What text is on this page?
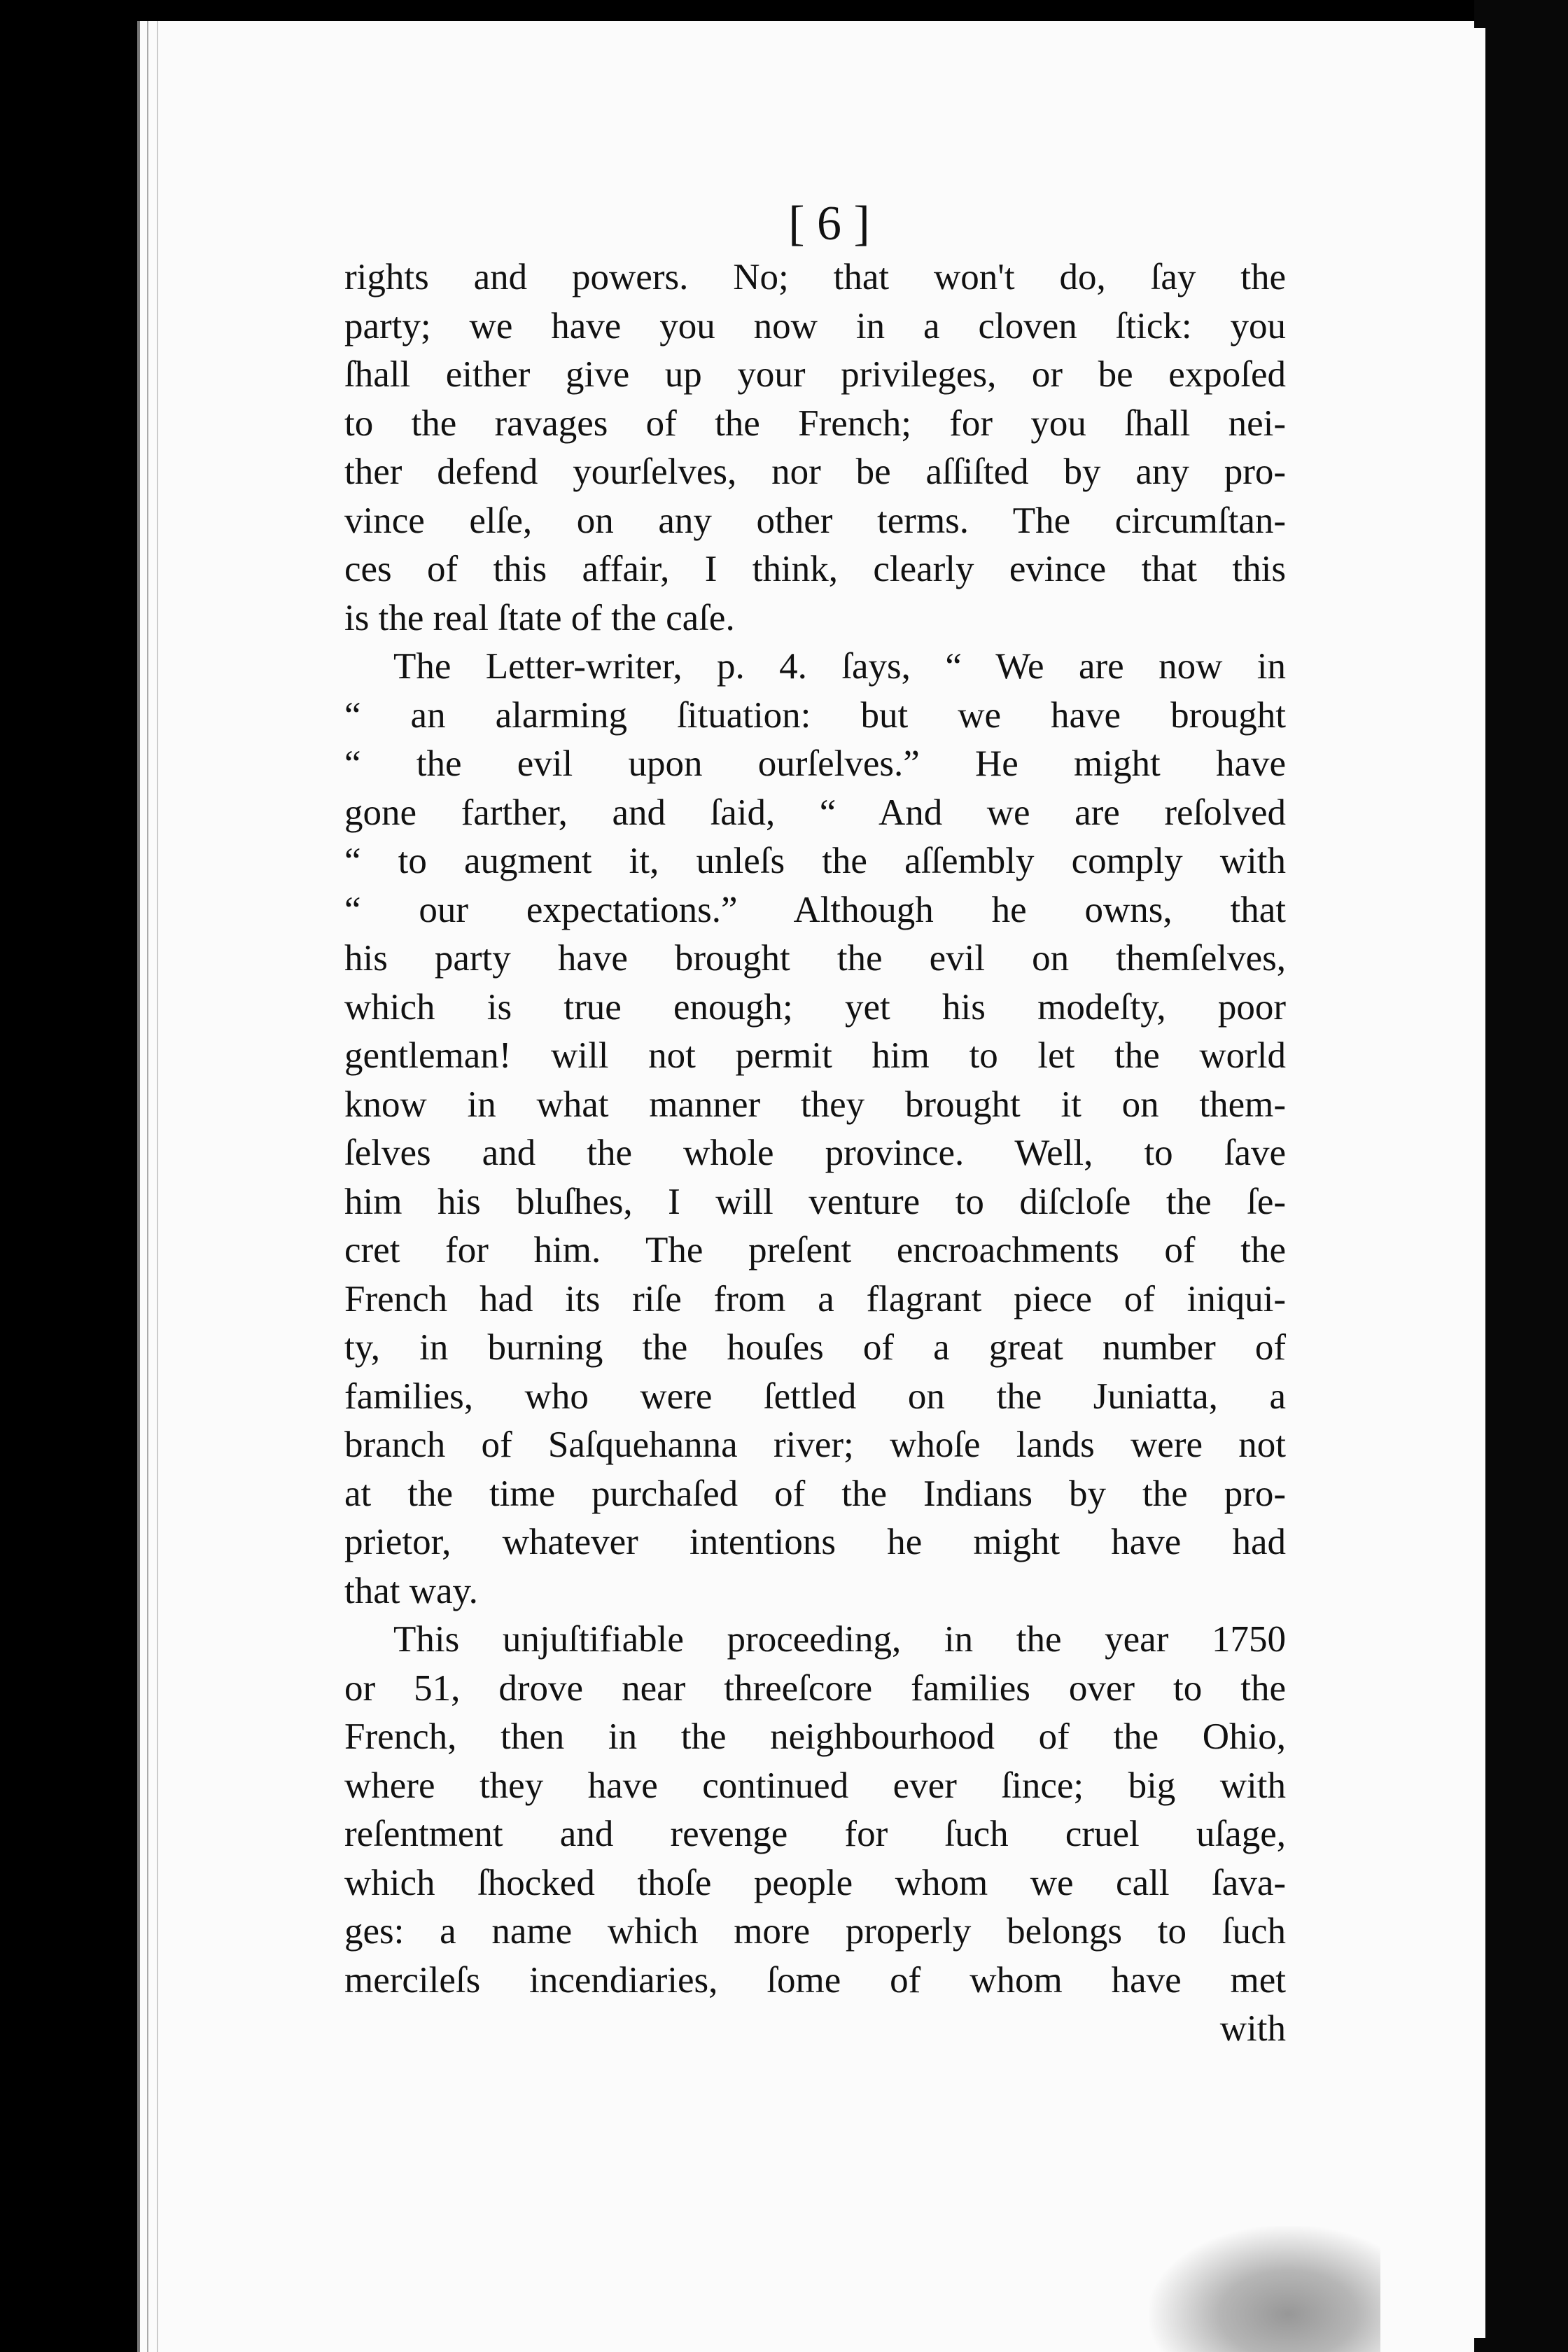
[ 6 ]
rights and powers. No; that won't do, ſay the
party; we have you now in a cloven ſtick: you
ſhall either give up your privileges, or be expoſed
to the ravages of the French; for you ſhall nei-
ther defend yourſelves, nor be aſſiſted by any pro-
vince elſe, on any other terms. The circumſtan-
ces of this affair, I think, clearly evince that this
is the real ſtate of the caſe.
The Letter-writer, p. 4. ſays, “ We are now in
“ an alarming ſituation: but we have brought
“ the evil upon ourſelves.” He might have
gone farther, and ſaid, “ And we are reſolved
“ to augment it, unleſs the aſſembly comply with
“ our expectations.” Although he owns, that
his party have brought the evil on themſelves,
which is true enough; yet his modeſty, poor
gentleman! will not permit him to let the world
know in what manner they brought it on them-
ſelves and the whole province. Well, to ſave
him his bluſhes, I will venture to diſcloſe the ſe-
cret for him. The preſent encroachments of the
French had its riſe from a flagrant piece of iniqui-
ty, in burning the houſes of a great number of
families, who were ſettled on the Juniatta, a
branch of Saſquehanna river; whoſe lands were not
at the time purchaſed of the Indians by the pro-
prietor, whatever intentions he might have had
that way.
This unjuſtifiable proceeding, in the year 1750
or 51, drove near threeſcore families over to the
French, then in the neighbourhood of the Ohio,
where they have continued ever ſince; big with
reſentment and revenge for ſuch cruel uſage,
which ſhocked thoſe people whom we call ſava-
ges: a name which more properly belongs to ſuch
mercileſs incendiaries, ſome of whom have met
with
